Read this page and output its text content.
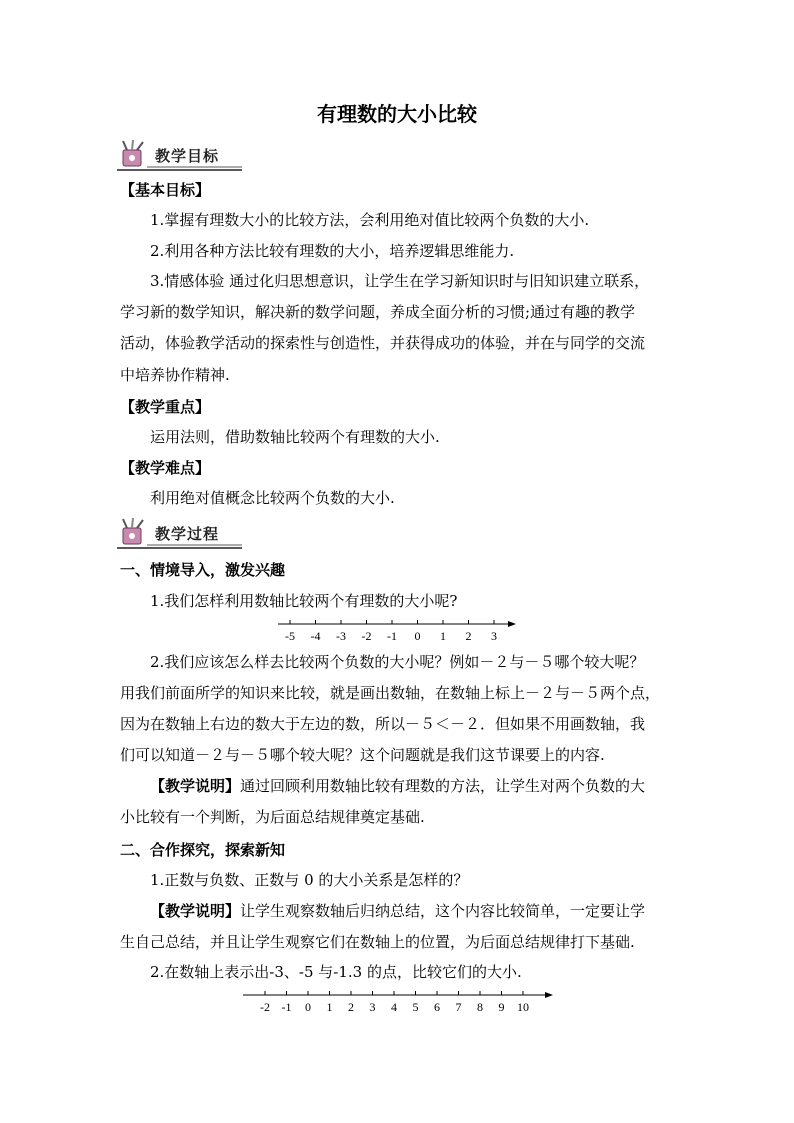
有理数的大小比较
教学目标
【基本目标】
1.掌握有理数大小的比较方法，会利用绝对值比较两个负数的大小.
2.利用各种方法比较有理数的大小，培养逻辑思维能力.
3.情感体验 通过化归思想意识，让学生在学习新知识时与旧知识建立联系，
学习新的数学知识，解决新的数学问题，养成全面分析的习惯;通过有趣的教学
活动，体验教学活动的探索性与创造性，并获得成功的体验，并在与同学的交流
中培养协作精神.
【教学重点】
运用法则，借助数轴比较两个有理数的大小.
【教学难点】
利用绝对值概念比较两个负数的大小.
教学过程
一、情境导入，激发兴趣
1.我们怎样利用数轴比较两个有理数的大小呢?
-5 -4 -3 -2 -1 0 1 2 3
2.我们应该怎么样去比较两个负数的大小呢？例如－２与－５哪个较大呢？
用我们前面所学的知识来比较，就是画出数轴，在数轴上标上－２与－５两个点，
因为在数轴上右边的数大于左边的数，所以－５＜－２．但如果不用画数轴，我
们可以知道－２与－５哪个较大呢？这个问题就是我们这节课要上的内容.
【教学说明】通过回顾利用数轴比较有理数的方法，让学生对两个负数的大
小比较有一个判断，为后面总结规律奠定基础.
二、合作探究，探索新知
1.正数与负数、正数与 0 的大小关系是怎样的？
【教学说明】让学生观察数轴后归纳总结，这个内容比较简单，一定要让学
生自己总结，并且让学生观察它们在数轴上的位置，为后面总结规律打下基础.
2.在数轴上表示出-3、-5 与-1.3 的点，比较它们的大小.
-2 -1 0 1 2 3 4 5 6 7 8 9 10
